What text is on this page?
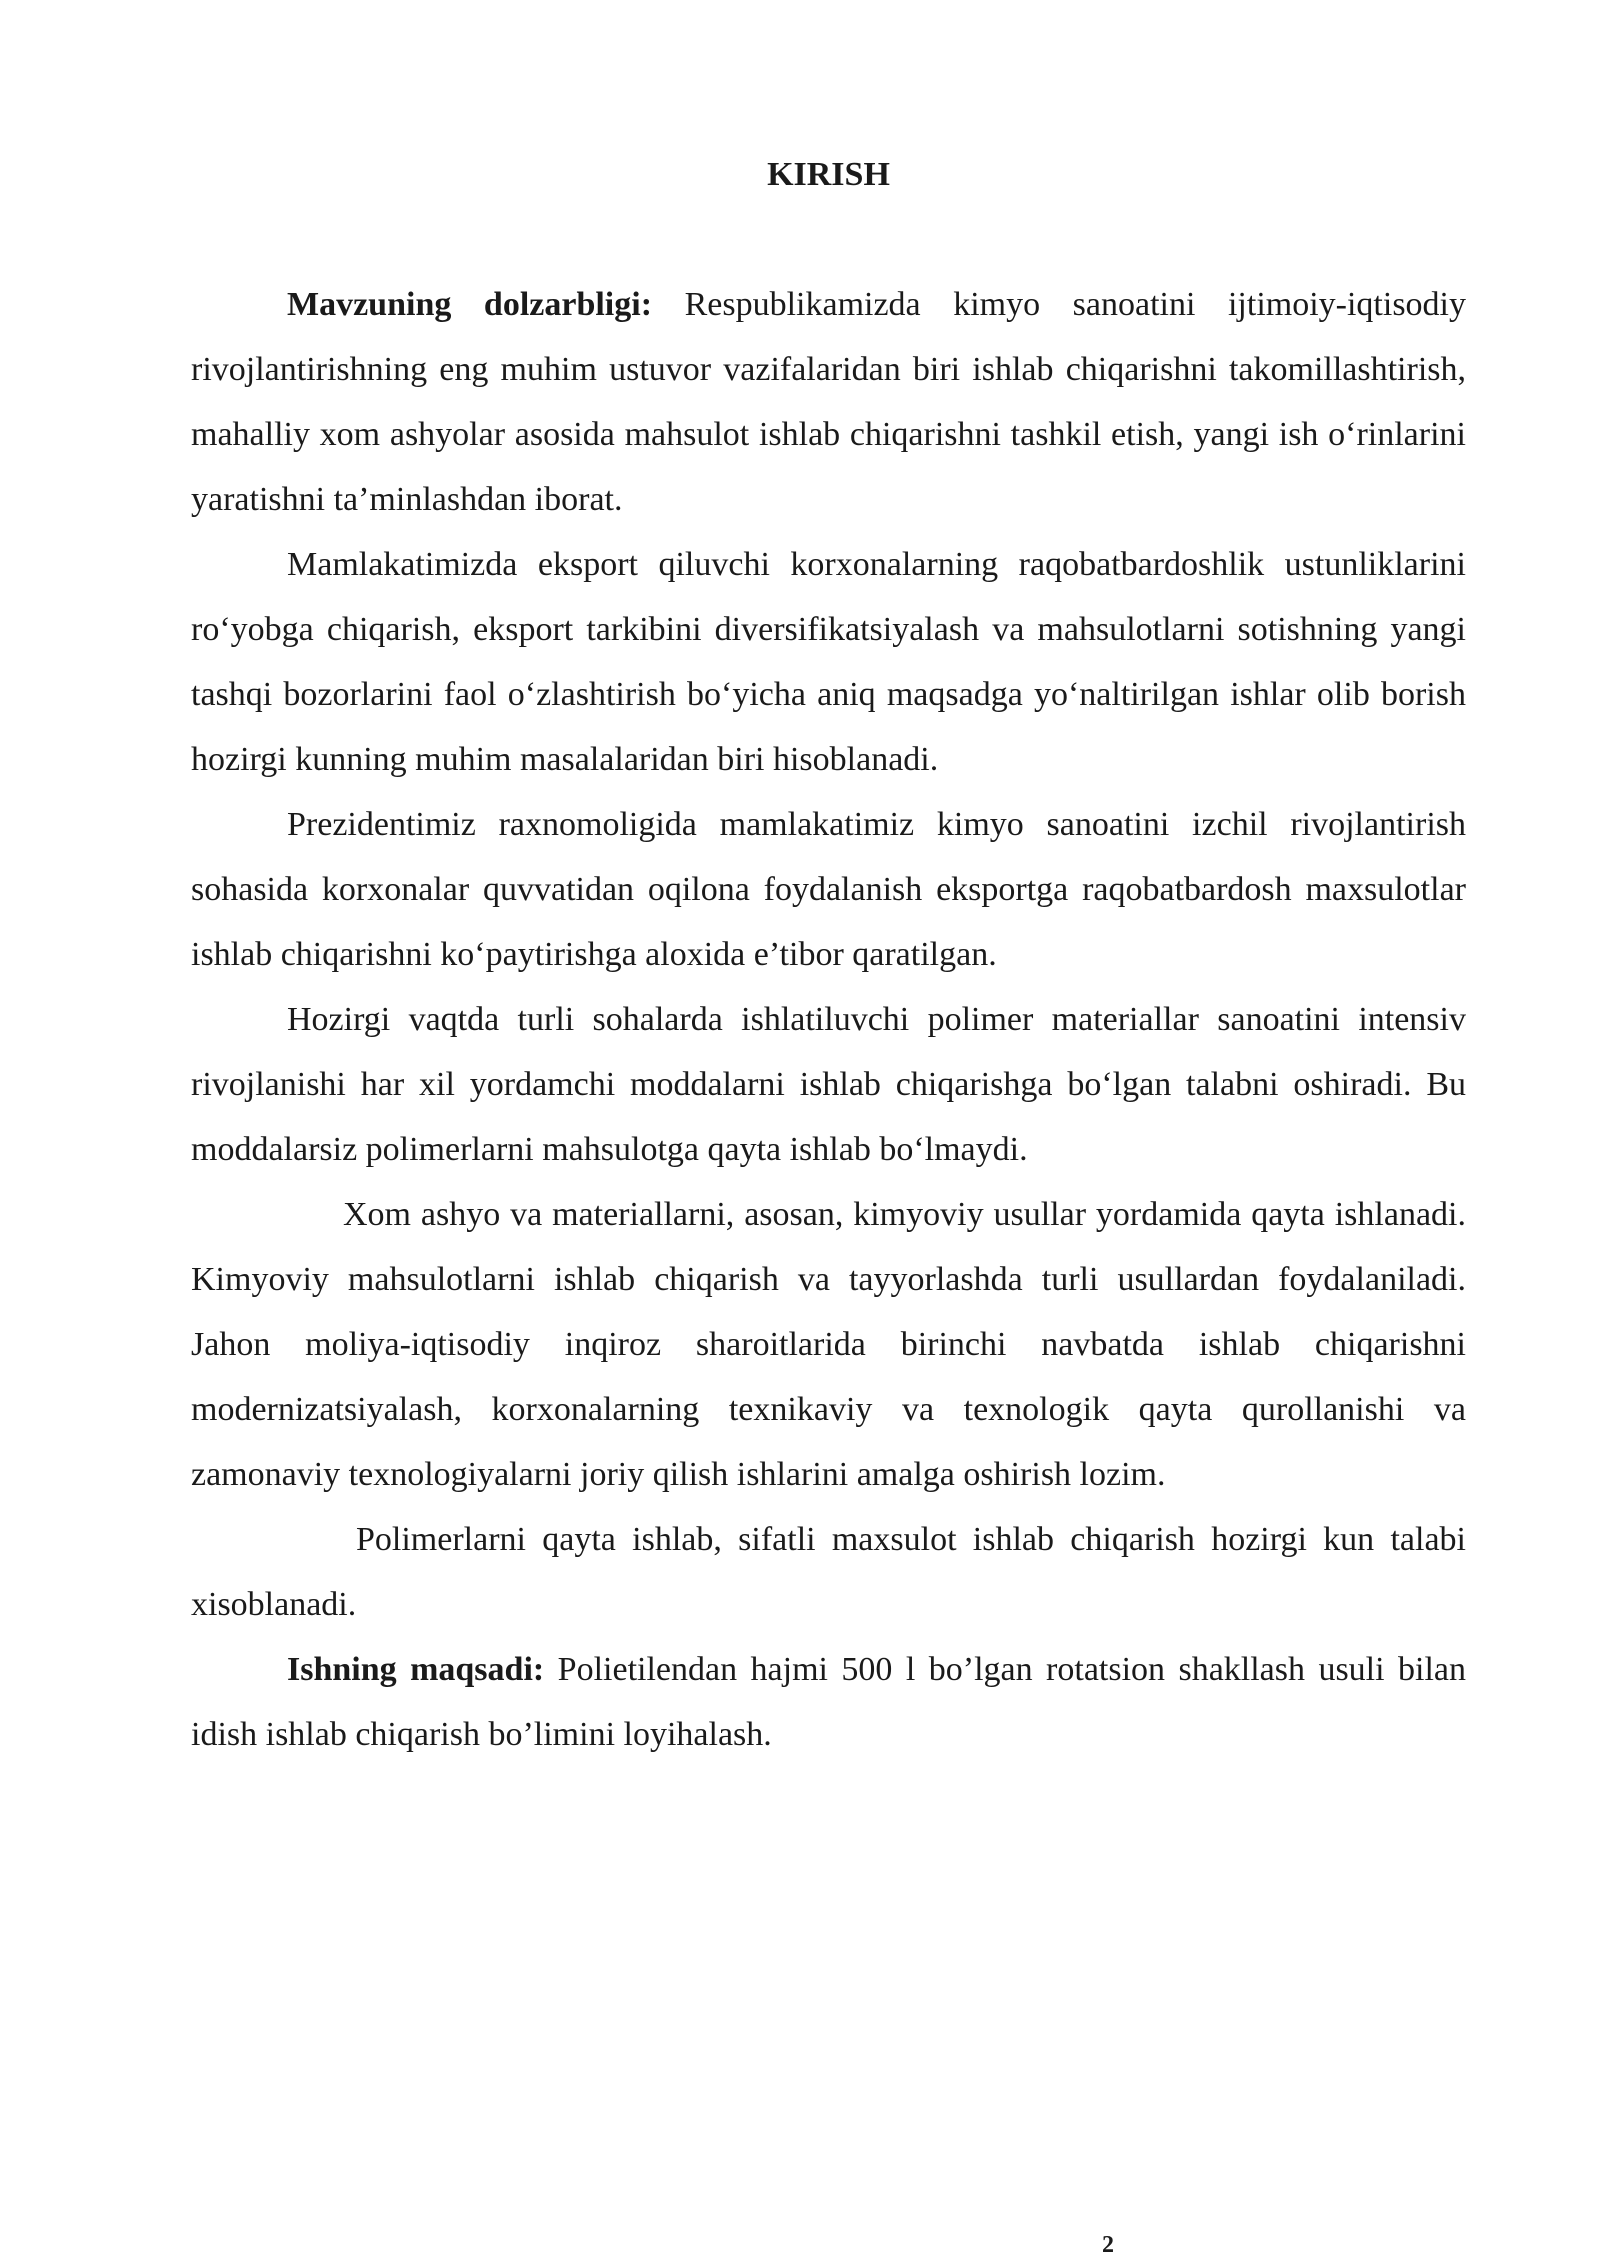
KIRISH

Mavzuning dolzarbligi: Respublikamizda kimyo sanoatini ijtimoiy-iqtisodiy rivojlantirishning eng muhim ustuvor vazifalaridan biri ishlab chiqarishni takomillashtirish, mahalliy xom ashyolar asosida mahsulot ishlab chiqarishni tashkil etish, yangi ish o‘rinlarini yaratishni ta’minlashdan iborat.

Mamlakatimizda eksport qiluvchi korxonalarning raqobatbardoshlik ustunliklarini ro‘yobga chiqarish, eksport tarkibini diversifikatsiyalash va mahsulotlarni sotishning yangi tashqi bozorlarini faol o‘zlashtirish bo‘yicha aniq maqsadga yo‘naltirilgan ishlar olib borish hozirgi kunning muhim masalalaridan biri hisoblanadi.

Prezidentimiz raxnomoligida mamlakatimiz kimyo sanoatini izchil rivojlantirish sohasida korxonalar quvvatidan oqilona foydalanish eksportga raqobatbardosh maxsulotlar ishlab chiqarishni ko‘paytirishga aloxida e’tibor qaratilgan.

Hozirgi vaqtda turli sohalarda ishlatiluvchi polimer materiallar sanoatini intensiv rivojlanishi har xil yordamchi moddalarni ishlab chiqarishga bo‘lgan talabni oshiradi. Bu moddalarsiz polimerlarni mahsulotga qayta ishlab bo‘lmaydi.

Xom ashyo va materiallarni, asosan, kimyoviy usullar yordamida qayta ishlanadi. Kimyoviy mahsulotlarni ishlab chiqarish va tayyorlashda turli usullardan foydalaniladi. Jahon moliya-iqtisodiy inqiroz sharoitlarida birinchi navbatda ishlab chiqarishni modernizatsiyalash, korxonalarning texnikaviy va texnologik qayta qurollanishi va zamonaviy texnologiyalarni joriy qilish ishlarini amalga oshirish lozim.

Polimerlarni qayta ishlab, sifatli maxsulot ishlab chiqarish hozirgi kun talabi xisoblanadi.

Ishning maqsadi: Polietilendan hajmi 500 l bo’lgan rotatsion shakllash usuli bilan idish ishlab chiqarish bo’limini loyihalash.

2
